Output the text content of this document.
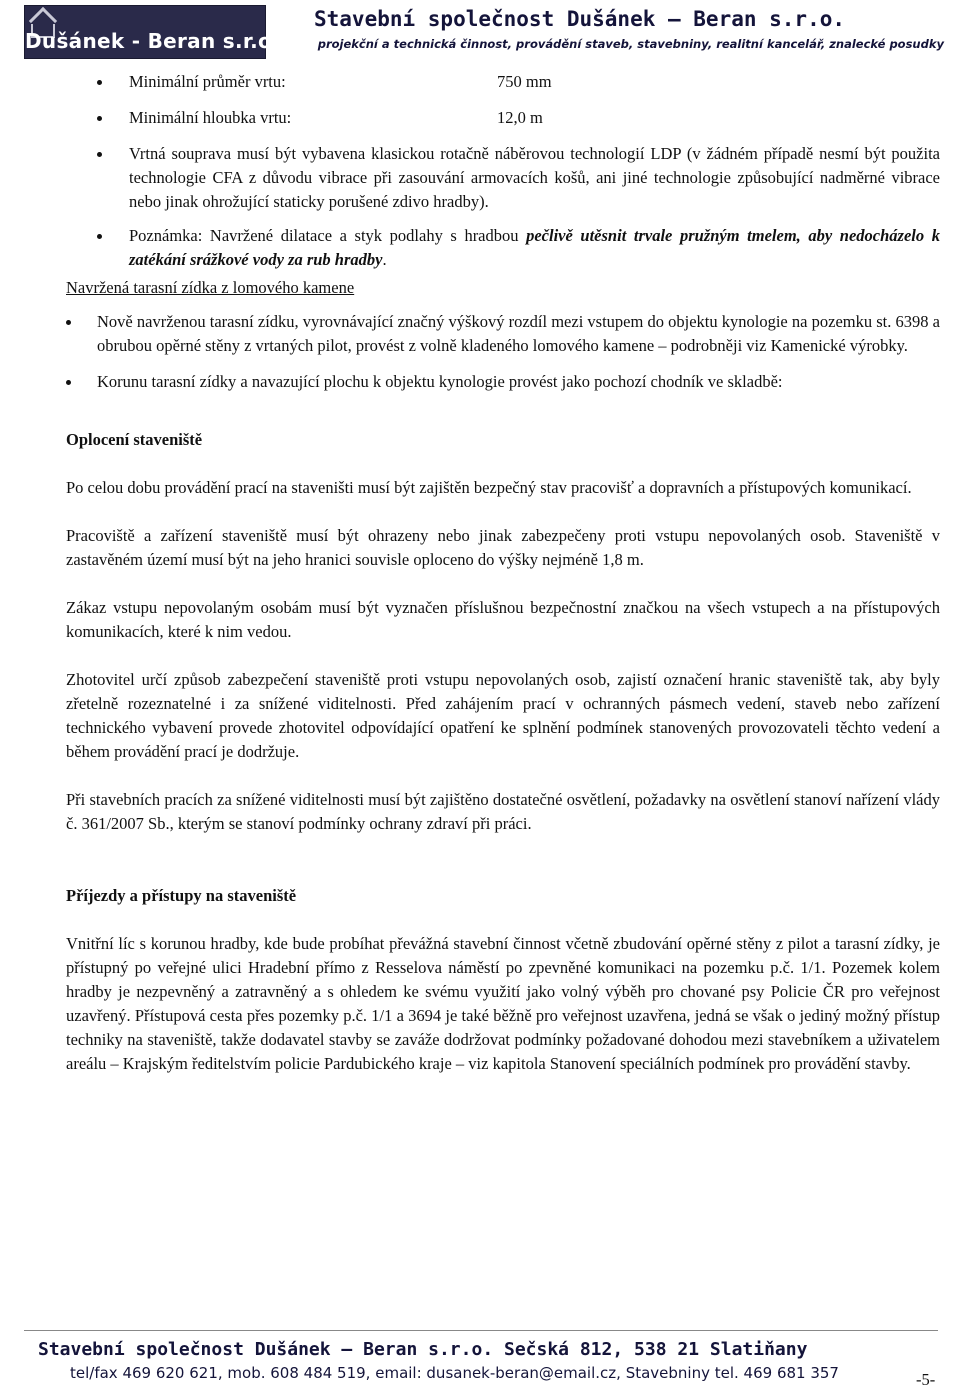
Dušánek - Beran s.r.o.
Stavební společnost Dušánek – Beran s.r.o.
projekční a technická činnost, provádění staveb, stavebniny, realitní kancelář, znalecké posudky
Minimální průměr vrtu:	750 mm
Minimální hloubka vrtu:	12,0 m
Vrtná souprava musí být vybavena klasickou rotačně náběrovou technologií LDP (v žádném případě nesmí být použita technologie CFA z důvodu vibrace při zasouvání armovacích košů, ani jiné technologie způsobující nadměrné vibrace nebo jinak ohrožující staticky porušené zdivo hradby).
Poznámka: Navržené dilatace a styk podlahy s hradbou pečlivě utěsnit trvale pružným tmelem, aby nedocházelo k zatékání srážkové vody za rub hradby.
Navržená tarasní zídka z lomového kamene
Nově navrženou tarasní zídku, vyrovnávající značný výškový rozdíl mezi vstupem do objektu kynologie na pozemku st. 6398 a obrubou opěrné stěny z vrtaných pilot, provést z volně kladeného lomového kamene – podrobněji viz Kamenické výrobky.
Korunu tarasní zídky a navazující plochu k objektu kynologie provést jako pochozí chodník ve skladbě:
Oplocení staveniště

Po celou dobu provádění prací na staveništi musí být zajištěn bezpečný stav pracovišť a dopravních a přístupových komunikací.

Pracoviště a zařízení staveniště musí být ohrazeny nebo jinak zabezpečeny proti vstupu nepovolaných osob. Staveniště v zastavěném území musí být na jeho hranici souvisle oploceno do výšky nejméně 1,8 m.

Zákaz vstupu nepovolaným osobám musí být vyznačen příslušnou bezpečnostní značkou na všech vstupech a na přístupových komunikacích, které k nim vedou.

Zhotovitel určí způsob zabezpečení staveniště proti vstupu nepovolaných osob, zajistí označení hranic staveniště tak, aby byly zřetelně rozeznatelné i za snížené viditelnosti. Před zahájením prací v ochranných pásmech vedení, staveb nebo zařízení technického vybavení provede zhotovitel odpovídající opatření ke splnění podmínek stanovených provozovateli těchto vedení a během provádění prací je dodržuje.

Při stavebních pracích za snížené viditelnosti musí být zajištěno dostatečné osvětlení, požadavky na osvětlení stanoví nařízení vlády č. 361/2007 Sb., kterým se stanoví podmínky ochrany zdraví při práci.

Příjezdy a přístupy na staveniště

Vnitřní líc s korunou hradby, kde bude probíhat převážná stavební činnost včetně zbudování opěrné stěny z pilot a tarasní zídky, je přístupný po veřejné ulici Hradební přímo z Resselova náměstí po zpevněné komunikaci na pozemku p.č. 1/1. Pozemek kolem hradby je nezpevněný a zatravněný a s ohledem ke svému využití jako volný výběh pro chované psy Policie ČR pro veřejnost uzavřený. Přístupová cesta přes pozemky p.č. 1/1 a 3694 je také běžně pro veřejnost uzavřena, jedná se však o jediný možný přístup techniky na staveniště, takže dodavatel stavby se zaváže dodržovat podmínky požadované dohodou mezi stavebníkem a uživatelem areálu – Krajským ředitelstvím policie Pardubického kraje – viz kapitola Stanovení speciálních podmínek pro provádění stavby.

Stavební společnost Dušánek – Beran s.r.o. Sečská 812, 538 21 Slatiňany
tel/fax 469 620 621, mob. 608 484 519, email: dusanek-beran@email.cz, Stavebniny tel. 469 681 357	-5-
